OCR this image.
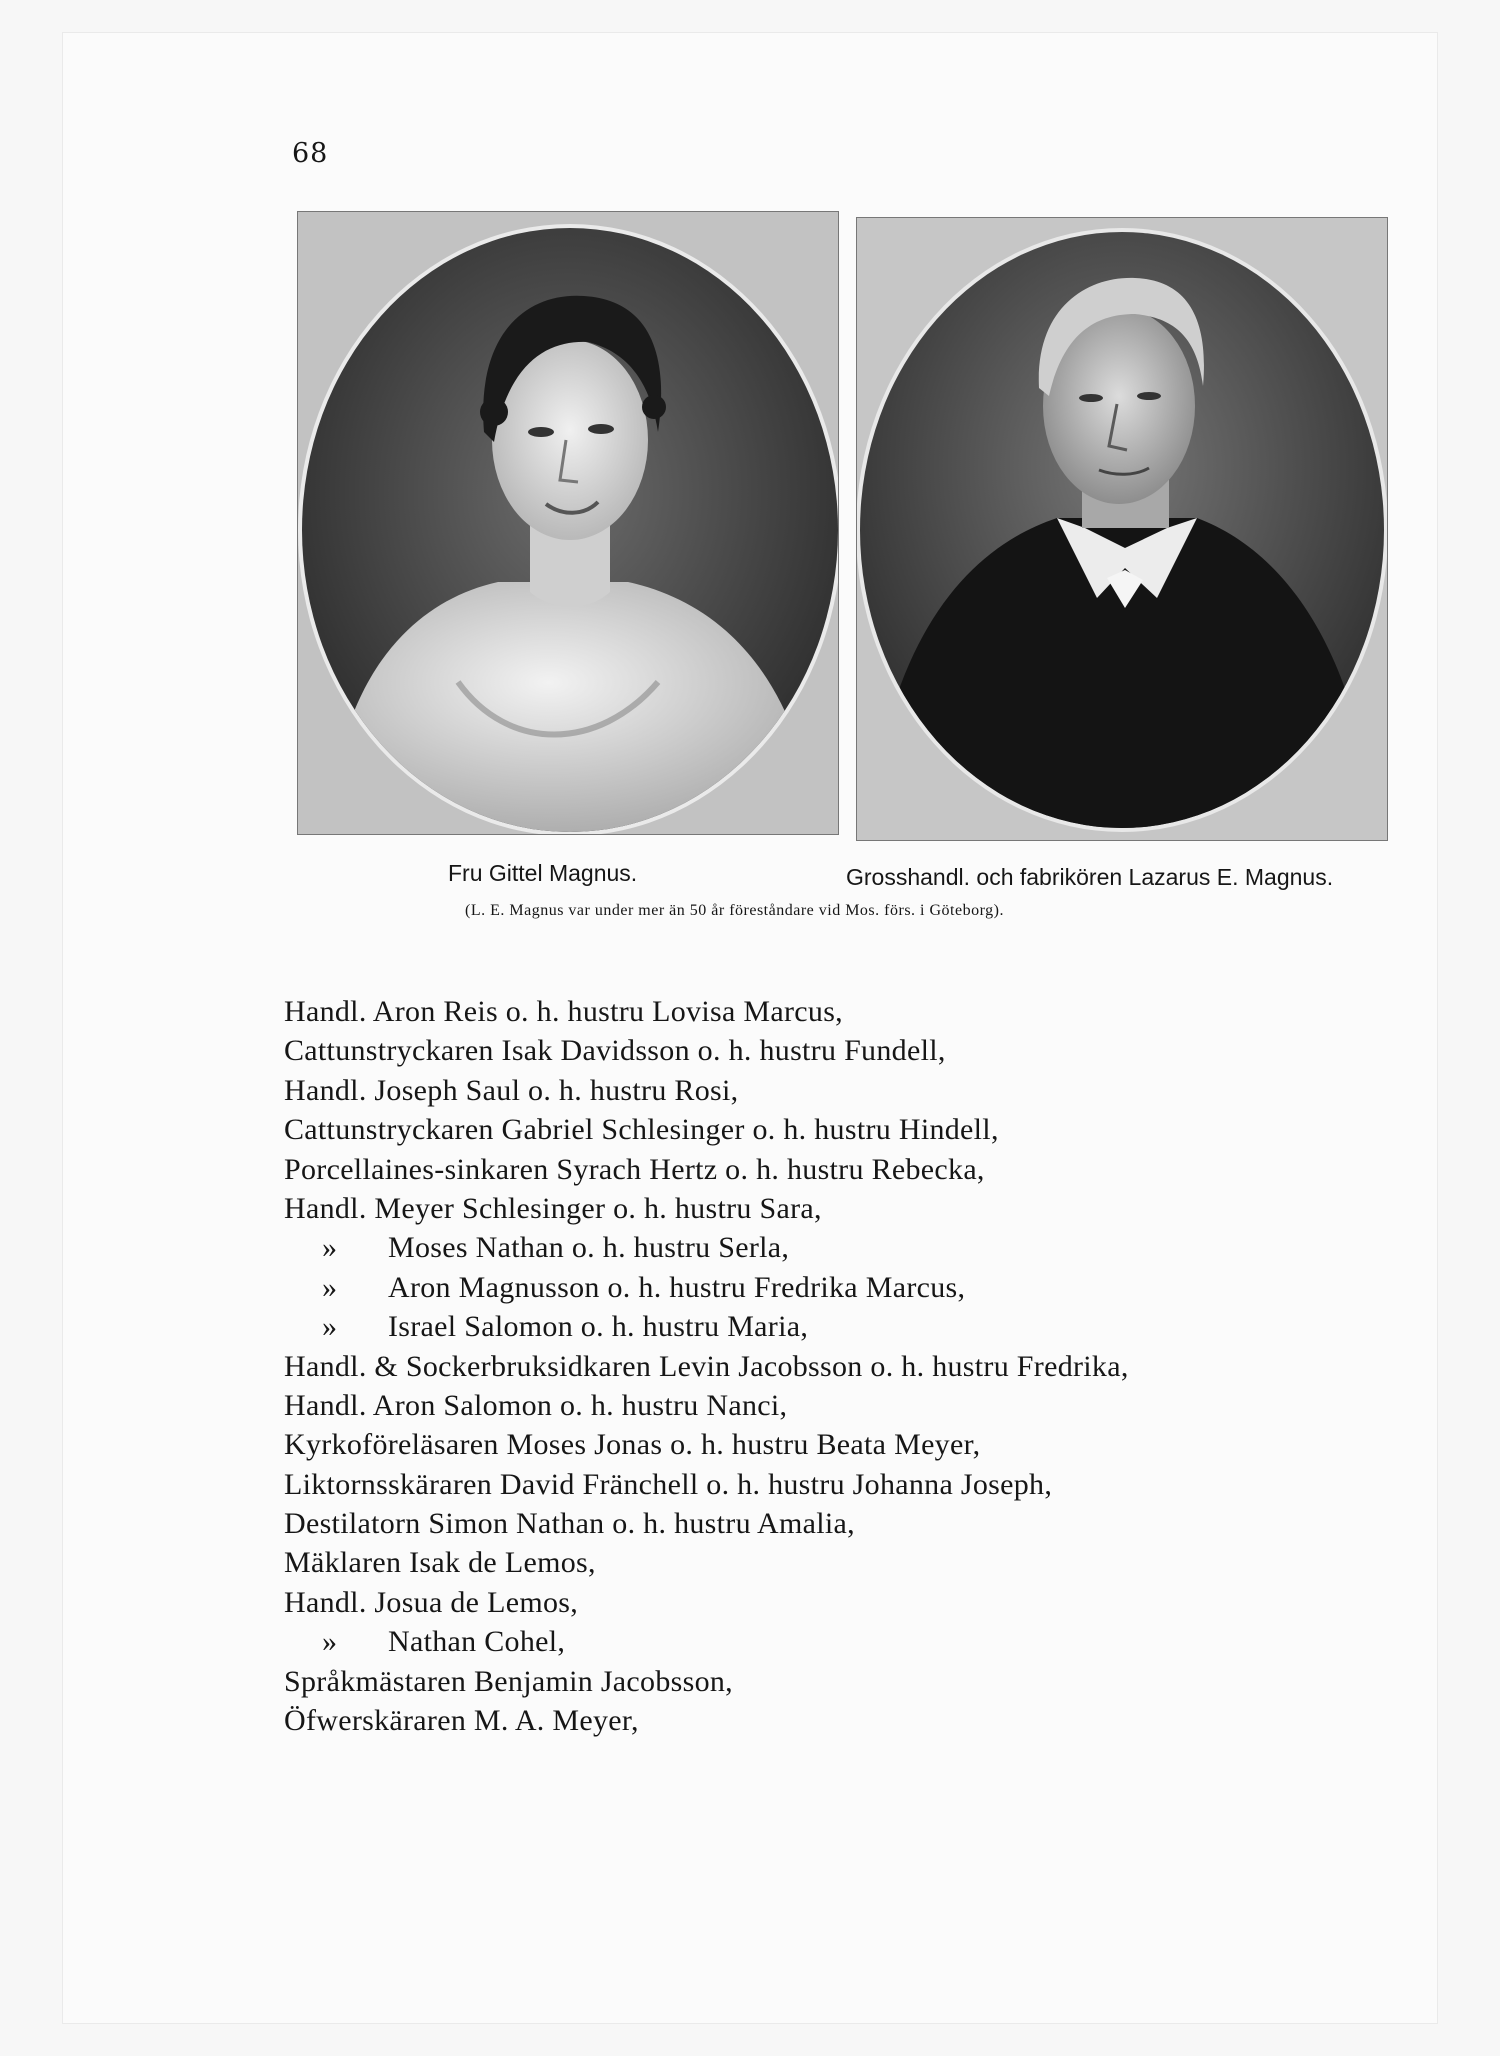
68
Fru Gittel Magnus.	Grosshandl. och fabrikören Lazarus E. Magnus.
(L. E. Magnus var under mer än 50 år föreståndare vid Mos. förs. i Göteborg).
Handl. Aron Reis o. h. hustru Lovisa Marcus,
Cattunstryckaren Isak Davidsson o. h. hustru Fundell,
Handl. Joseph Saul o. h. hustru Rosi,
Cattunstryckaren Gabriel Schlesinger o. h. hustru Hindell,
Porcellaines-sinkaren Syrach Hertz o. h. hustru Rebecka,
Handl. Meyer Schlesinger o. h. hustru Sara,
» Moses Nathan o. h. hustru Serla,
» Aron Magnusson o. h. hustru Fredrika Marcus,
» Israel Salomon o. h. hustru Maria,
Handl. & Sockerbruksidkaren Levin Jacobsson o. h. hustru Fredrika,
Handl. Aron Salomon o. h. hustru Nanci,
Kyrkoföreläsaren Moses Jonas o. h. hustru Beata Meyer,
Liktornsskäraren David Fränchell o. h. hustru Johanna Joseph,
Destilatorn Simon Nathan o. h. hustru Amalia,
Mäklaren Isak de Lemos,
Handl. Josua de Lemos,
» Nathan Cohel,
Språkmästaren Benjamin Jacobsson,
Öfwerskäraren M. A. Meyer,
